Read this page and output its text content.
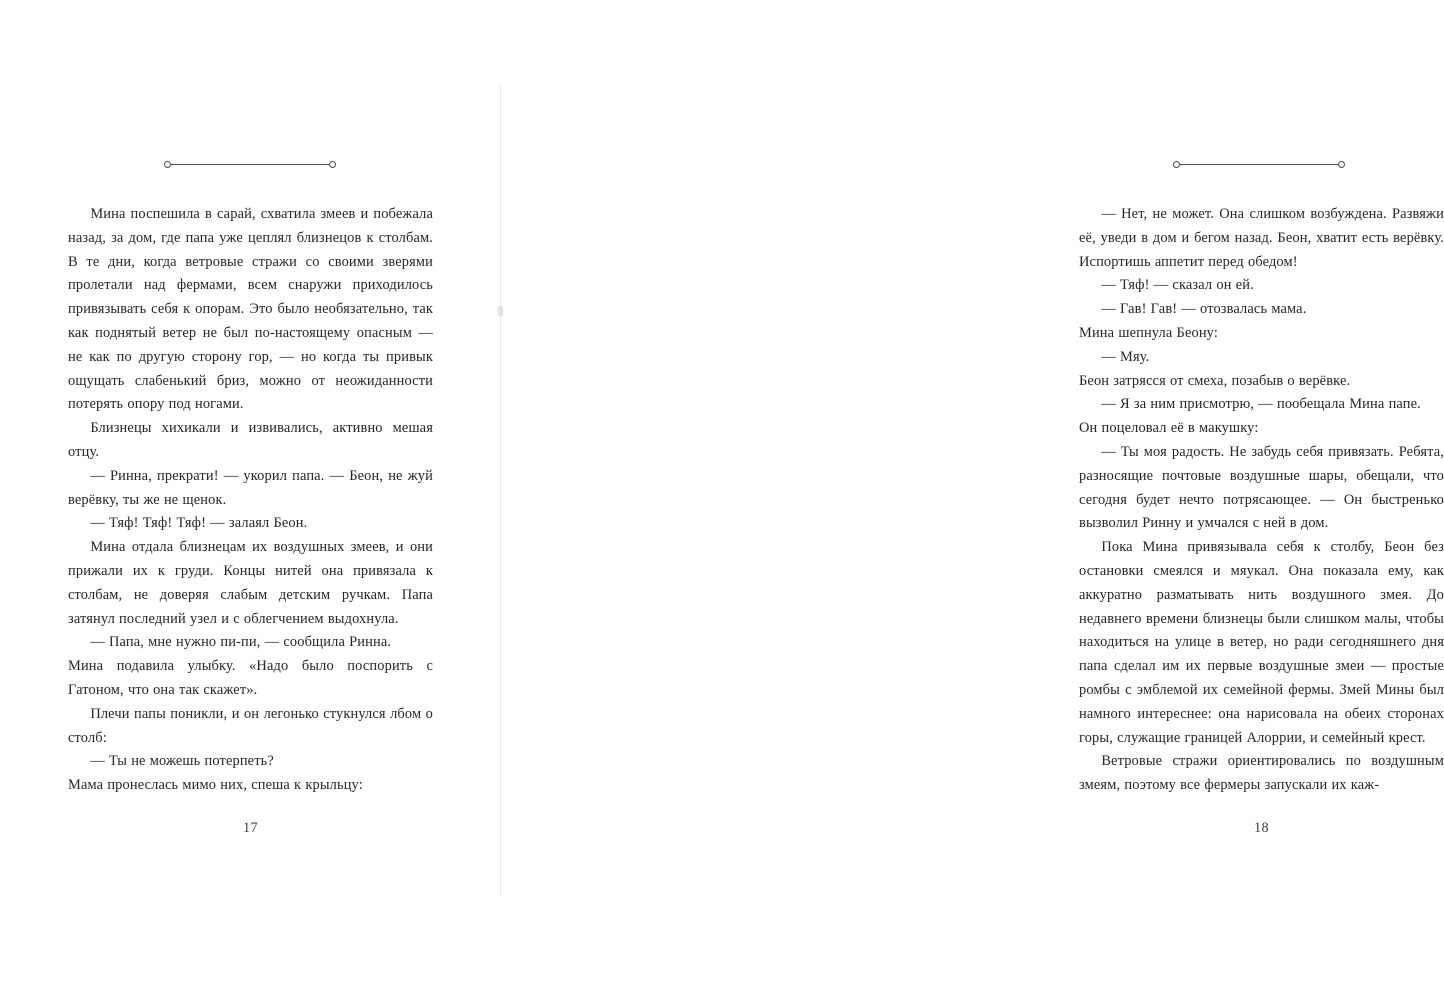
Мина поспешила в сарай, схватила змеев и побежала назад, за дом, где папа уже цеплял близнецов к столбам. В те дни, когда ветровые стражи со своими зверями пролетали над фермами, всем снаружи приходилось привязывать себя к опорам. Это было необязательно, так как поднятый ветер не был по-настоящему опасным — не как по другую сторону гор, — но когда ты привык ощущать слабенький бриз, можно от неожиданности потерять опору под ногами.

Близнецы хихикали и извивались, активно мешая отцу.

— Ринна, прекрати! — укорил папа. — Беон, не жуй верёвку, ты же не щенок.

— Тяф! Тяф! Тяф! — залаял Беон.

Мина отдала близнецам их воздушных змеев, и они прижали их к груди. Концы нитей она привязала к столбам, не доверяя слабым детским ручкам. Папа затянул последний узел и с облегчением выдохнула.

— Папа, мне нужно пи-пи, — сообщила Ринна.

Мина подавила улыбку. «Надо было поспорить с Гатоном, что она так скажет».

Плечи папы поникли, и он легонько стукнулся лбом о столб:

— Ты не можешь потерпеть?

Мама пронеслась мимо них, спеша к крыльцу:

17

— Нет, не может. Она слишком возбуждена. Развяжи её, уведи в дом и бегом назад. Беон, хватит есть верёвку. Испортишь аппетит перед обедом!

— Тяф! — сказал он ей.

— Гав! Гав! — отозвалась мама.

Мина шепнула Беону:

— Мяу.

Беон затрясся от смеха, позабыв о верёвке.

— Я за ним присмотрю, — пообещала Мина папе.

Он поцеловал её в макушку:

— Ты моя радость. Не забудь себя привязать. Ребята, разносящие почтовые воздушные шары, обещали, что сегодня будет нечто потрясающее. — Он быстренько вызволил Ринну и умчался с ней в дом.

Пока Мина привязывала себя к столбу, Беон без остановки смеялся и мяукал. Она показала ему, как аккуратно разматывать нить воздушного змея. До недавнего времени близнецы были слишком малы, чтобы находиться на улице в ветер, но ради сегодняшнего дня папа сделал им их первые воздушные змеи — простые ромбы с эмблемой их семейной фермы. Змей Мины был намного интереснее: она нарисовала на обеих сторонах горы, служащие границей Алоррии, и семейный крест.

Ветровые стражи ориентировались по воздушным змеям, поэтому все фермеры запускали их каж-

18
